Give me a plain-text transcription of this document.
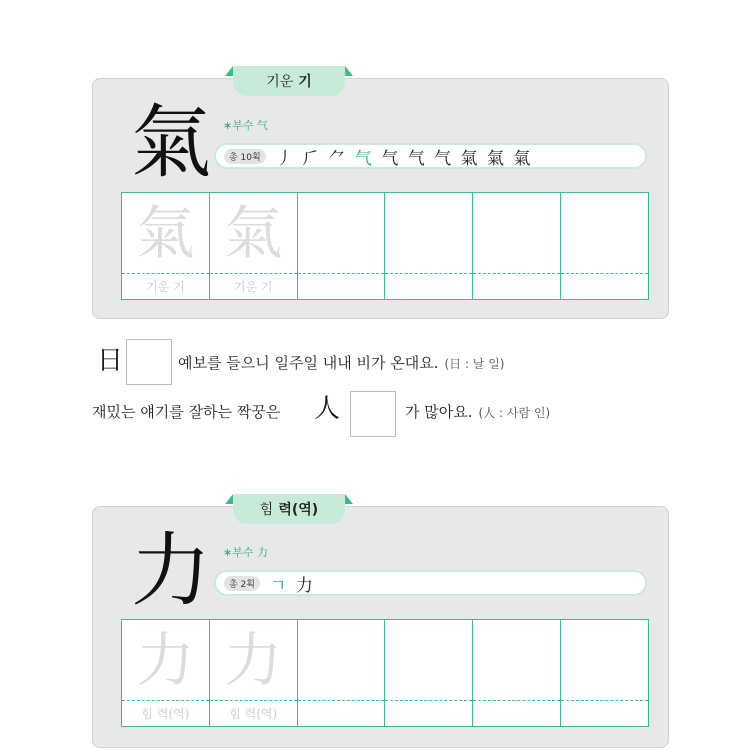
기운 기
氣 ∗부수 气
총 10획 丿 ⺁ ⺈ 气 气 气 气 氣 氣 氣
氣
기운 기
氣
기운 기
日	예보를 들으니 일주일 내내 비가 온대요. (日 : 날 일)
재밌는 얘기를 잘하는 짝꿍은 人	가 많아요. (人 : 사람 인)
힘 력(역)
力 ∗부수 力
총 2획 ㄱ 力
力
힘 력(역)
力
힘 력(역)
